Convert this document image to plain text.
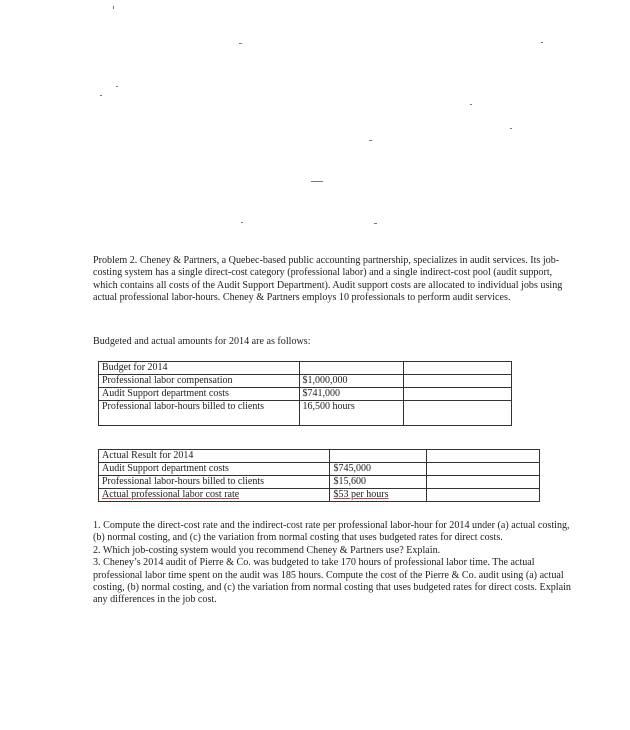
Problem 2. Cheney & Partners, a Quebec-based public accounting partnership, specializes in audit services. Its job-costing system has a single direct-cost category (professional labor) and a single indirect-cost pool (audit support, which contains all costs of the Audit Support Department). Audit support costs are allocated to individual jobs using actual professional labor-hours. Cheney & Partners employs 10 professionals to perform audit services.

Budgeted and actual amounts for 2014 are as follows:

Budget for 2014		
Professional labor compensation	$1,000,000	
Audit Support department costs	$741,000	
Professional labor-hours billed to clients	16,500 hours	
Actual Result for 2014		
Audit Support department costs	$745,000	
Professional labor-hours billed to clients	$15,600	
Actual professional labor cost rate	$53 per hours	
1. Compute the direct-cost rate and the indirect-cost rate per professional labor-hour for 2014 under (a) actual costing, (b) normal costing, and (c) the variation from normal costing that uses budgeted rates for direct costs.
2. Which job-costing system would you recommend Cheney & Partners use? Explain.
3. Cheney’s 2014 audit of Pierre & Co. was budgeted to take 170 hours of professional labor time. The actual professional labor time spent on the audit was 185 hours. Compute the cost of the Pierre & Co. audit using (a) actual costing, (b) normal costing, and (c) the variation from normal costing that uses budgeted rates for direct costs. Explain any differences in the job cost.
